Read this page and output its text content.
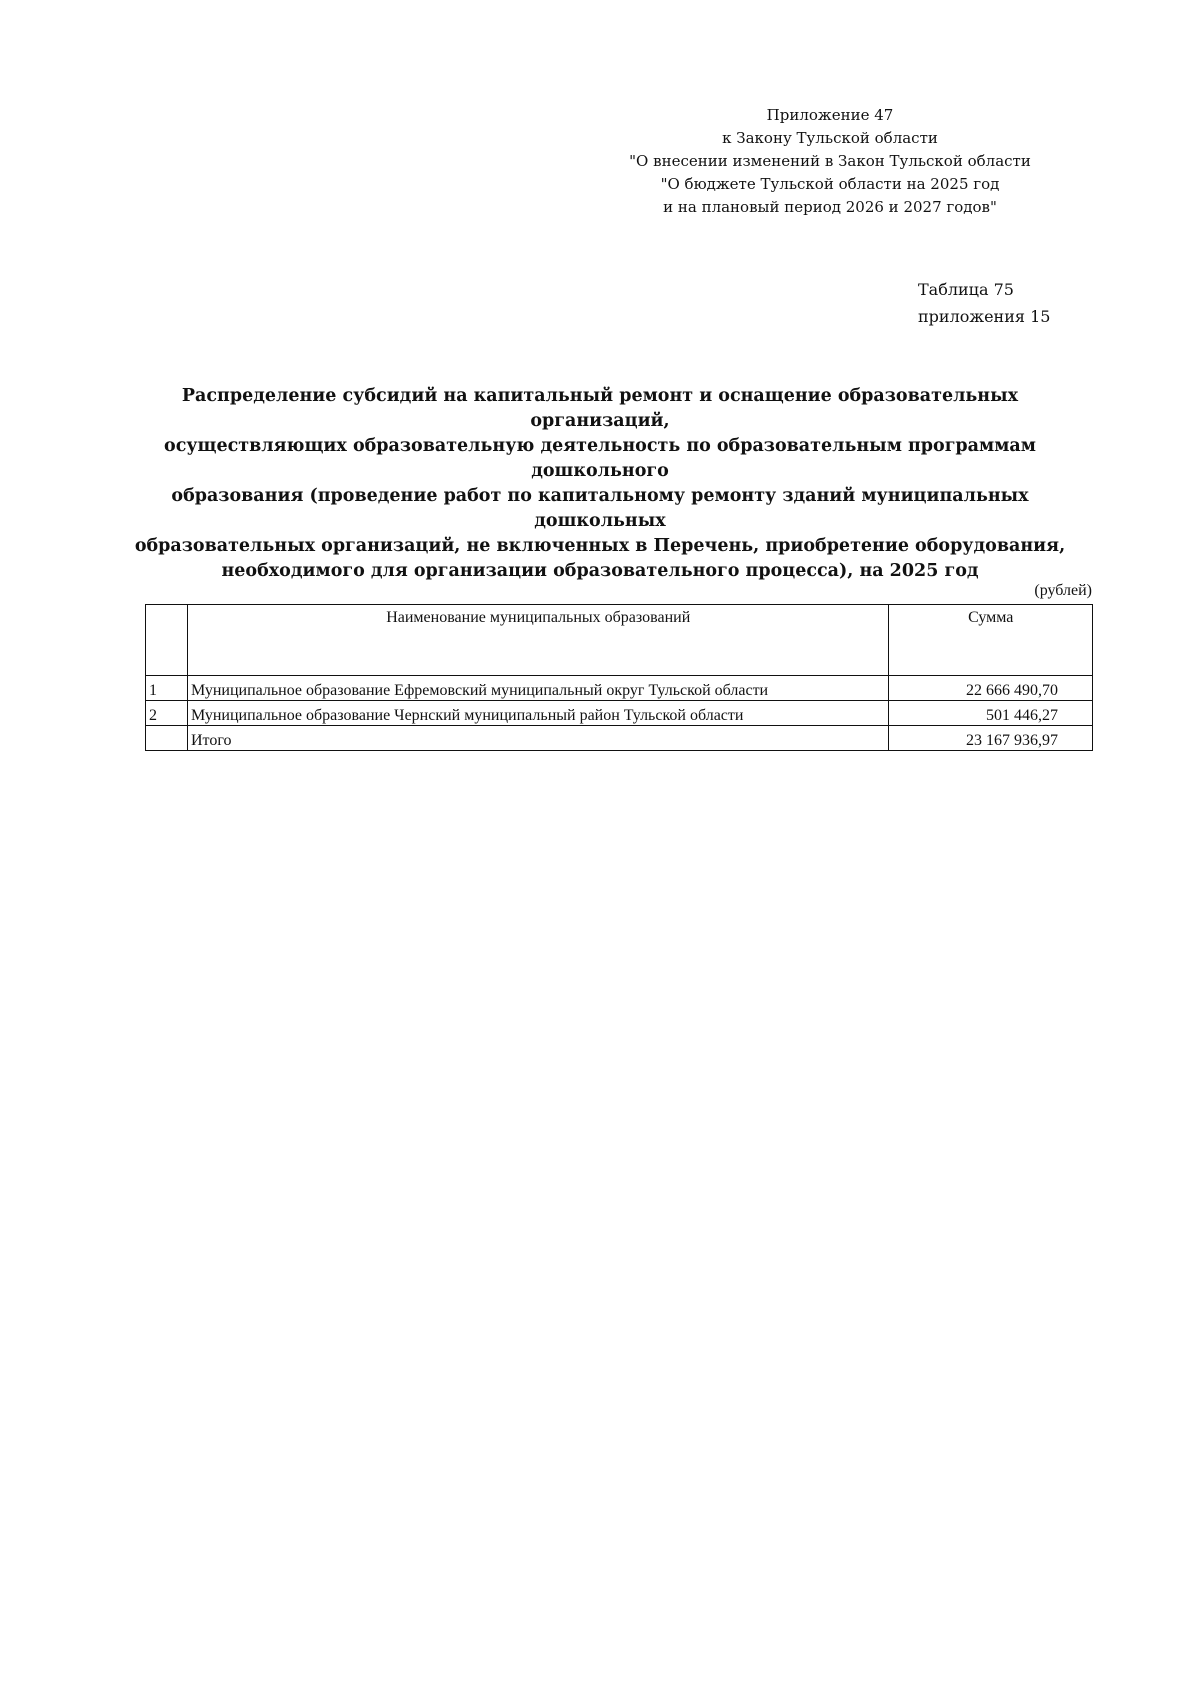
Приложение 47
к Закону Тульской области
"О внесении изменений в Закон Тульской области
"О бюджете Тульской области на 2025 год
и на плановый период 2026 и 2027 годов"
Таблица 75
приложения 15
Распределение субсидий на капитальный ремонт и оснащение образовательных организаций,
осуществляющих образовательную деятельность по образовательным программам дошкольного
образования (проведение работ по капитальному ремонту зданий муниципальных дошкольных
образовательных организаций, не включенных в Перечень, приобретение оборудования,
необходимого для организации образовательного процесса), на 2025 год
(рублей)
	Наименование муниципальных образований	Сумма
1	Муниципальное образование Ефремовский муниципальный округ Тульской области	22 666 490,70
2	Муниципальное образование Чернский муниципальный район Тульской области	501 446,27
	Итого	23 167 936,97
